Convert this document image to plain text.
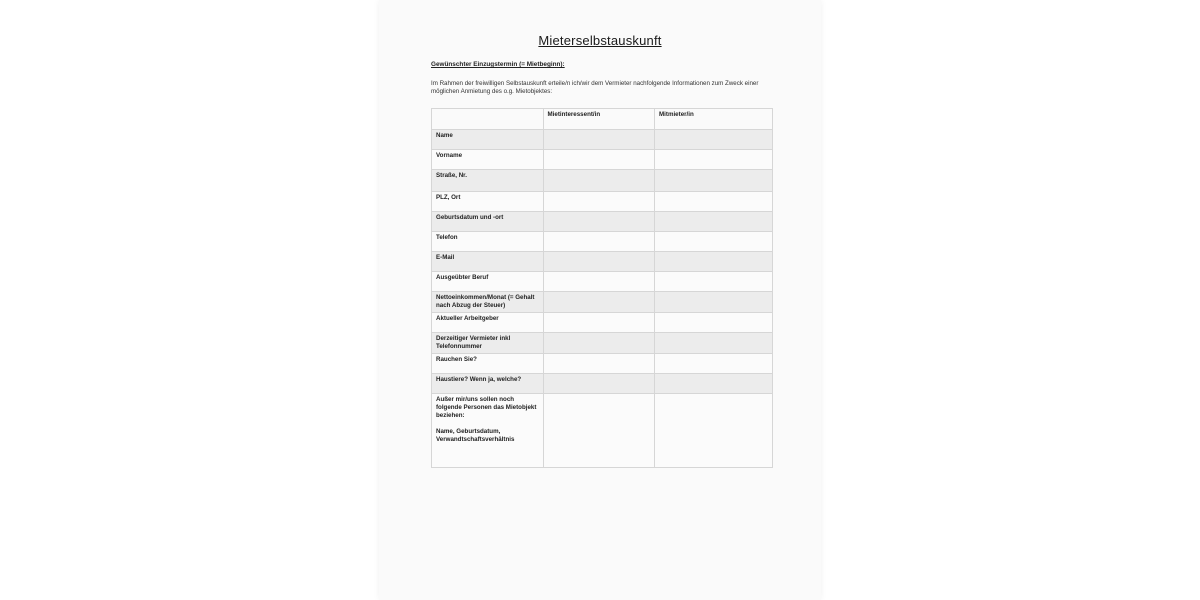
Mieterselbstauskunft
Gewünschter Einzugstermin (= Mietbeginn):
Im Rahmen der freiwilligen Selbstauskunft erteile/n ich/wir dem Vermieter nachfolgende Informationen zum Zweck einer möglichen Anmietung des o.g. Mietobjektes:
	Mietinteressent/in	Mitmieter/in
Name		
Vorname		
Straße, Nr.		
PLZ, Ort		
Geburtsdatum und -ort		
Telefon		
E-Mail		
Ausgeübter Beruf		
Nettoeinkommen/Monat (= Gehalt nach Abzug der Steuer)		
Aktueller Arbeitgeber		
Derzeitiger Vermieter inkl Telefonnummer		
Rauchen Sie?		
Haustiere? Wenn ja, welche?		
Außer mir/uns sollen noch folgende Personen das Mietobjekt beziehen:

Name, Geburtsdatum, Verwandtschaftsverhältnis		
